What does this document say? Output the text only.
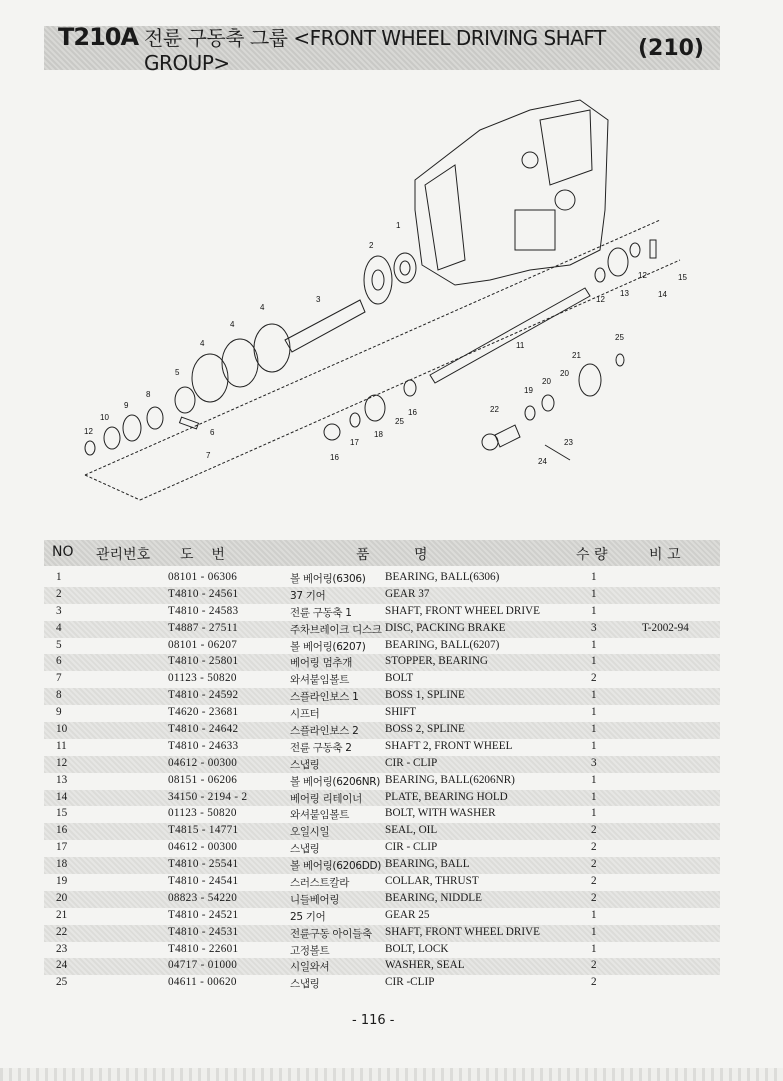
T210A 전륜 구동축 그룹 <FRONT WHEEL DRIVING SHAFT GROUP>
(210)
1
2
3
4
4
4
5
6
7
8
9
10
11
12
12
12
13	14
15
16
16
17
18
19
20
20
21
22
23
24
25
25
NO 관리번호 도    번	품          명	수 량	비 고
1	08101 - 06306	볼 베어링(6306) BEARING, BALL(6306)	1
2	T4810 - 24561	37 기어	GEAR 37	1
3	T4810 - 24583	전륜 구동축 1	SHAFT, FRONT WHEEL DRIVE	1
4	T4887 - 27511	주차브레이크 디스크 DISC, PACKING BRAKE	3	T-2002-94
5	08101 - 06207	볼 베어링(6207) BEARING, BALL(6207)	1
6	T4810 - 25801	베어링 멈추개	STOPPER, BEARING	1
7	01123 - 50820	와셔붙임볼트	BOLT	2
8	T4810 - 24592	스플라인보스 1 BOSS 1, SPLINE	1
9	T4620 - 23681	시프터	SHIFT	1
10	T4810 - 24642	스플라인보스 2 BOSS 2, SPLINE	1
11	T4810 - 24633	전륜 구동축 2	SHAFT 2, FRONT WHEEL	1
12	04612 - 00300	스냅링	CIR - CLIP	3
13	08151 - 06206	볼 베어링(6206NR) BEARING, BALL(6206NR)	1
14	34150 - 2194 - 2	베어링 리테이너 PLATE, BEARING HOLD	1
15	01123 - 50820	와셔붙임볼트	BOLT, WITH WASHER	1
16	T4815 - 14771	오일시일	SEAL, OIL	2
17	04612 - 00300	스냅링	CIR - CLIP	2
18	T4810 - 25541	볼 베어링(6206DD) BEARING, BALL	2
19	T4810 - 24541	스러스트칼라	COLLAR, THRUST	2
20	08823 - 54220	니들베어링	BEARING, NIDDLE	2
21	T4810 - 24521	25 기어	GEAR 25	1
22	T4810 - 24531	전륜구동 아이들축 SHAFT, FRONT WHEEL DRIVE	1
23	T4810 - 22601	고정볼트	BOLT, LOCK	1
24	04717 - 01000	시일와셔	WASHER, SEAL	2
25	04611 - 00620	스냅링	CIR -CLIP	2
- 116 -
